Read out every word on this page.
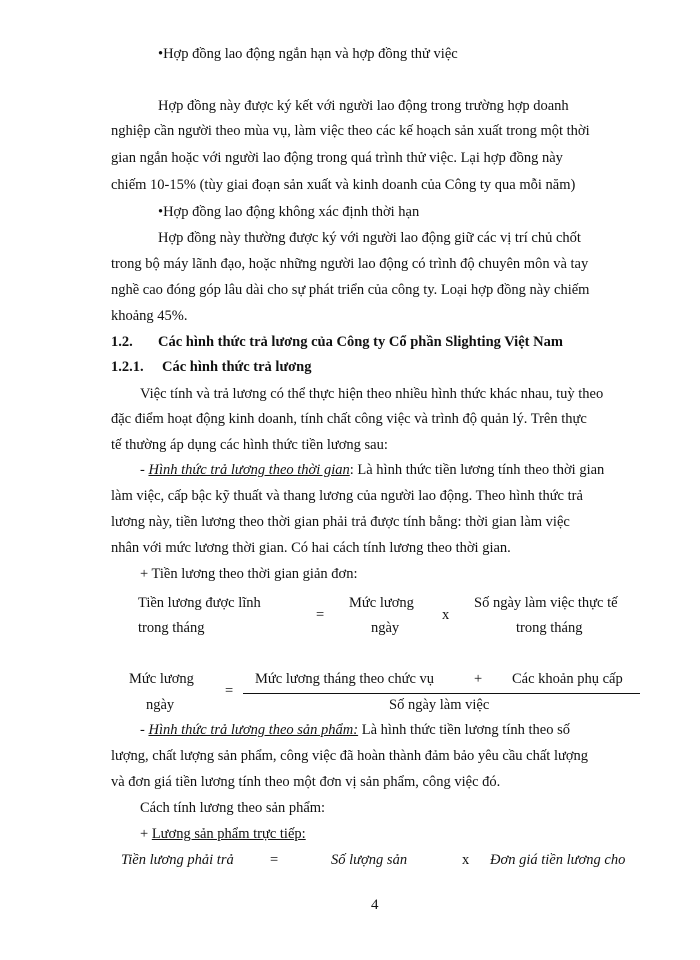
•Hợp đồng lao động ngắn hạn và hợp đồng thử việc
Hợp đồng này được ký kết với người lao động trong trường hợp doanh
nghiệp cần người theo mùa vụ, làm việc theo các kế hoạch sản xuất trong một thời
gian ngắn hoặc với người lao động trong quá trình thử việc. Lại hợp đồng này
chiếm 10-15% (tùy giai đoạn sản xuất và kinh doanh của Công ty qua mỗi năm)
•Hợp đồng lao động không xác định thời hạn
Hợp đồng này thường được ký với người lao động giữ các vị trí chủ chốt
trong bộ máy lãnh đạo, hoặc những người lao động có trình độ chuyên môn và tay
nghề cao đóng góp lâu dài cho sự phát triển của công ty. Loại hợp đồng này chiếm
khoảng 45%.
1.2. Các hình thức trả lương của Công ty Cổ phần Slighting Việt Nam
1.2.1. Các hình thức trả lương
Việc tính và trả lương có thể thực hiện theo nhiều hình thức khác nhau, tuỳ theo
đặc điểm hoạt động kinh doanh, tính chất công việc và trình độ quản lý. Trên thực
tế thường áp dụng các hình thức tiền lương sau:
- Hình thức trả lương theo thời gian: Là hình thức tiền lương tính theo thời gian
làm việc, cấp bậc kỹ thuất và thang lương của người lao động. Theo hình thức trả
lương này, tiền lương theo thời gian phải trả được tính bằng: thời gian làm việc
nhân với mức lương thời gian. Có hai cách tính lương theo thời gian.
+ Tiền lương theo thời gian giản đơn:
Tiền lương được lĩnh
trong tháng
=
Mức lương
ngày
x
Số ngày làm việc thực tế
trong tháng
Mức lương
ngày
=
Mức lương tháng theo chức vụ	+ Các khoản phụ cấp
Số ngày làm việc
- Hình thức trả lương theo sản phẩm: Là hình thức tiền lương tính theo số
lượng, chất lượng sản phẩm, công việc đã hoàn thành đảm bảo yêu cầu chất lượng
và đơn giá tiền lương tính theo một đơn vị sản phẩm, công việc đó.
Cách tính lương theo sản phẩm:
+ Lương sản phẩm trực tiếp:
Tiền lương phải trả	=	Số lượng sản	x Đơn giá tiền lương cho
4
